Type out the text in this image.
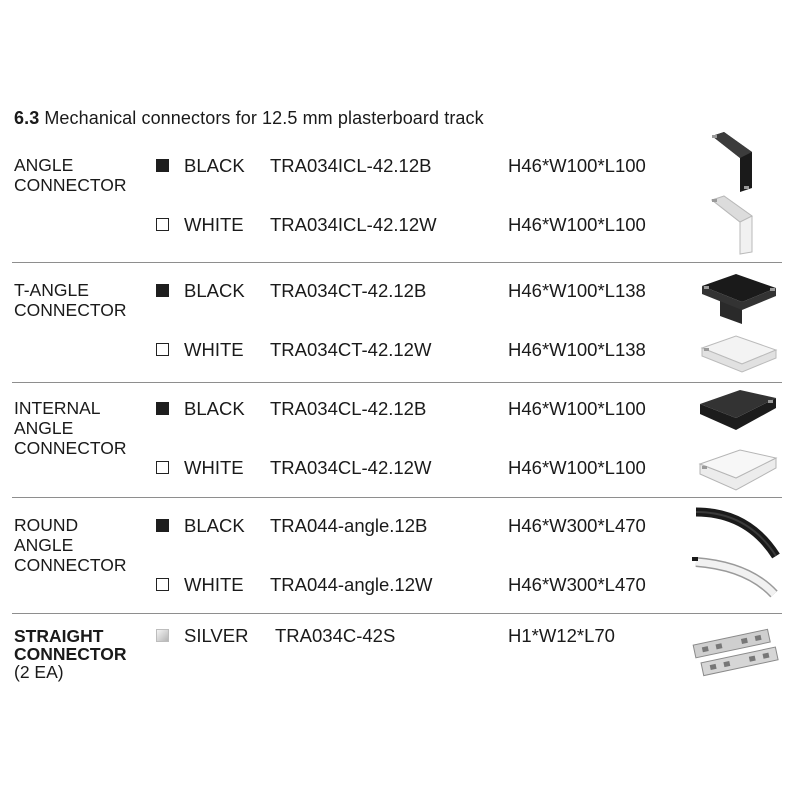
6.3 Mechanical connectors for 12.5 mm plasterboard track
ANGLE
CONNECTOR
BLACK TRA034ICL-42.12B	H46*W100*L100
WHITE TRA034ICL-42.12W	H46*W100*L100
T-ANGLE
CONNECTOR
BLACK TRA034CT-42.12B	H46*W100*L138
WHITE TRA034CT-42.12W	H46*W100*L138
INTERNAL
ANGLE
CONNECTOR
BLACK TRA034CL-42.12B	H46*W100*L100
WHITE TRA034CL-42.12W	H46*W100*L100
ROUND
ANGLE
CONNECTOR
BLACK TRA044-angle.12B	H46*W300*L470
WHITE TRA044-angle.12W	H46*W300*L470
STRAIGHT
CONNECTOR
(2 EA)
SILVER TRA034C-42S	H1*W12*L70
